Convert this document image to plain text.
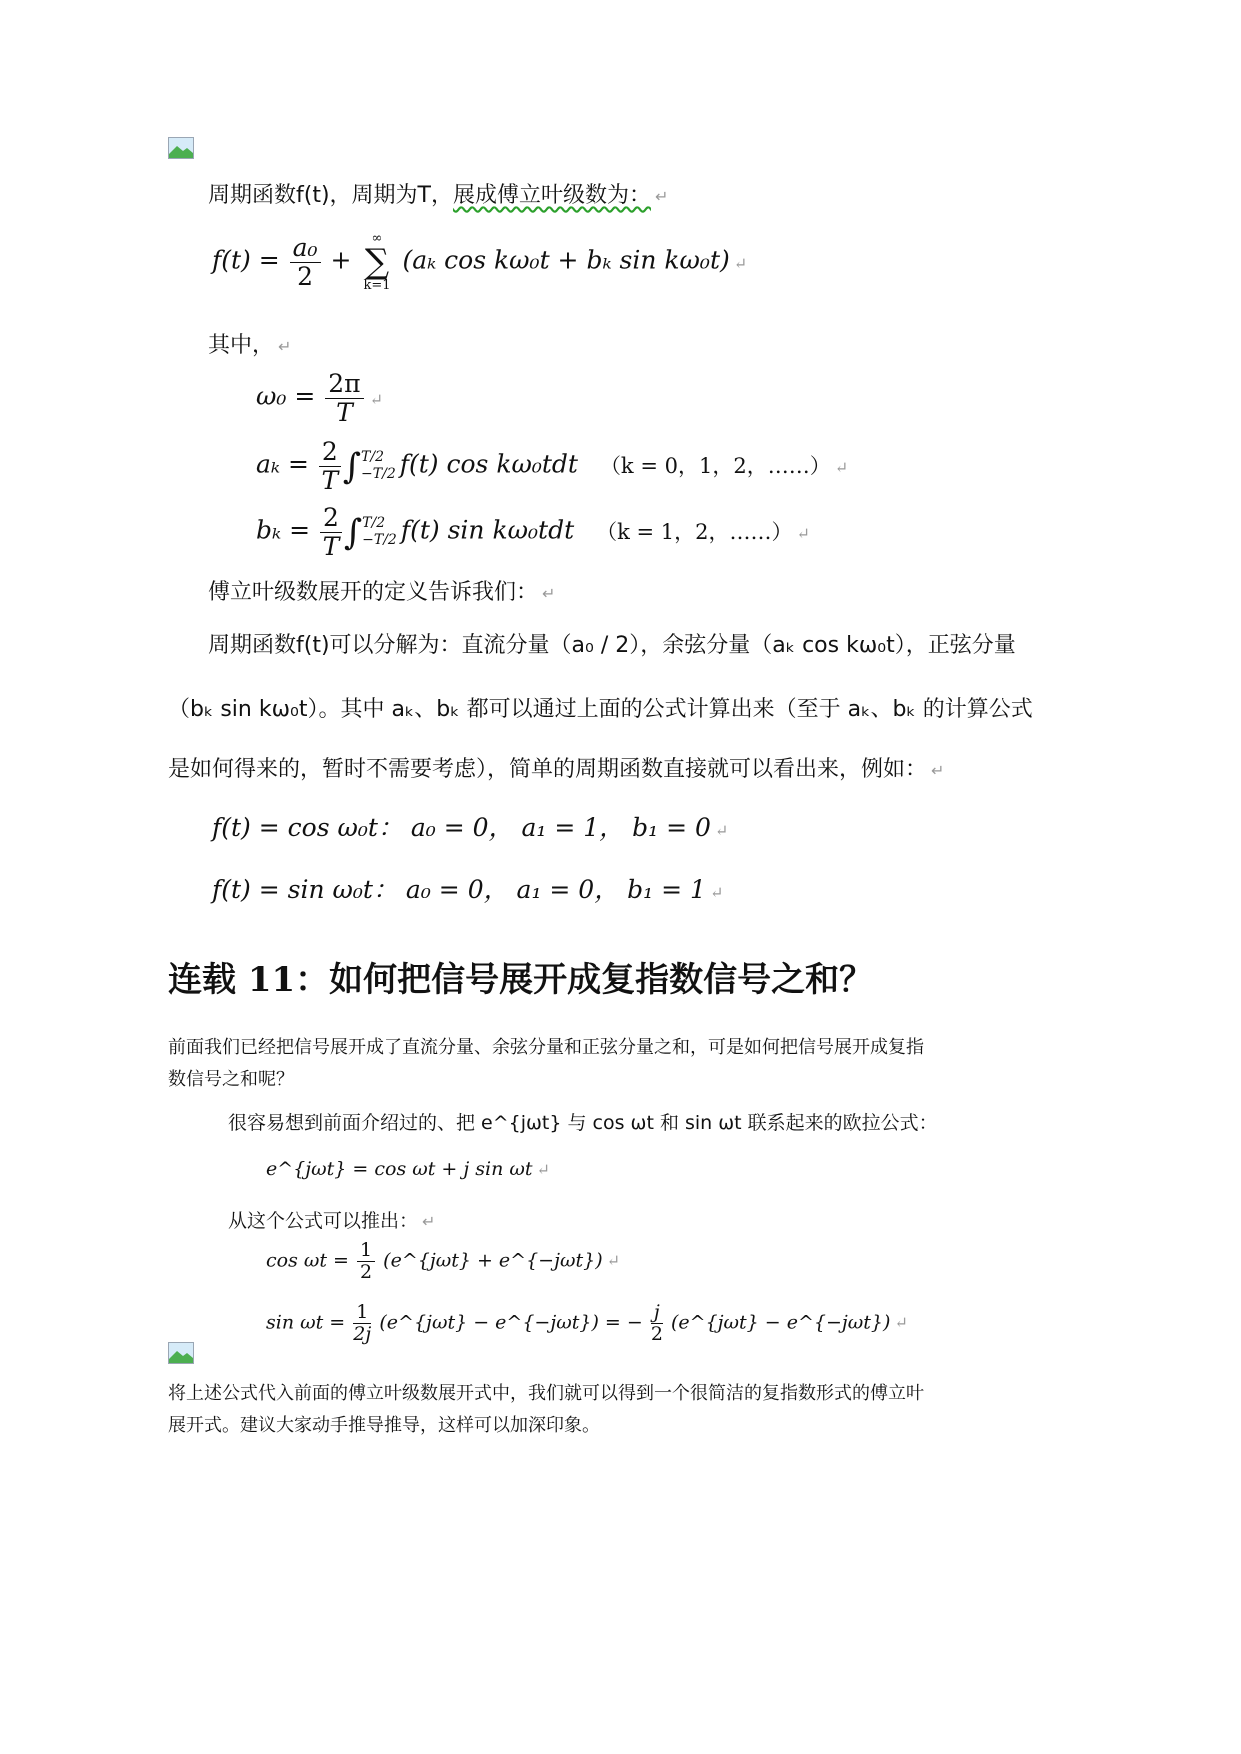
周期函数f(t)，周期为T，展成傅立叶级数为： ↵
$f(t) = \frac{\text{a₀}}{2}$ +
∞
∑
k=1
(aₖ cos kω₀t + bₖ sin kω₀t) ↵
其中， ↵
$\omega_0 = \frac{2\pi}{T}$ ↵
$a_k = \frac{2}{T} \int T/2$
−T/2 f(t) cos kω₀tdt （k = 0，1，2，……） ↵
$b_k = \frac{2}{T} \int T/2$
−T/2 f(t) sin kω₀tdt （k = 1，2，……） ↵
傅立叶级数展开的定义告诉我们： ↵
周期函数f(t)可以分解为：直流分量（a₀ / 2），余弦分量（aₖ cos kω₀t），正弦分量
（bₖ sin kω₀t）。其中 aₖ、bₖ 都可以通过上面的公式计算出来（至于 aₖ、bₖ 的计算公式
是如何得来的，暂时不需要考虑），简单的周期函数直接就可以看出来，例如： ↵
f(t) = cos ω₀t： a₀ = 0， a₁ = 1， b₁ = 0 ↵
f(t) = sin ω₀t： a₀ = 0， a₁ = 0， b₁ = 1 ↵
连载 11：如何把信号展开成复指数信号之和？
前面我们已经把信号展开成了直流分量、余弦分量和正弦分量之和，可是如何把信号展开成复指
数信号之和呢？
很容易想到前面介绍过的、把 e^{jωt} 与 cos ωt 和 sin ωt 联系起来的欧拉公式：
e^{jωt} = cos ωt + j sin ωt ↵
从这个公式可以推出： ↵
$\cos \omega t = \frac{1}{2}$ (e^{jωt} + e^{−jωt}) ↵
$\sin \omega t = \frac{1}{2j}$ (e^{jωt} − e^{−jωt}) = − $\frac{j}{2}$ (e^{jωt} − e^{−jωt}) ↵
将上述公式代入前面的傅立叶级数展开式中，我们就可以得到一个很简洁的复指数形式的傅立叶
展开式。建议大家动手推导推导，这样可以加深印象。
